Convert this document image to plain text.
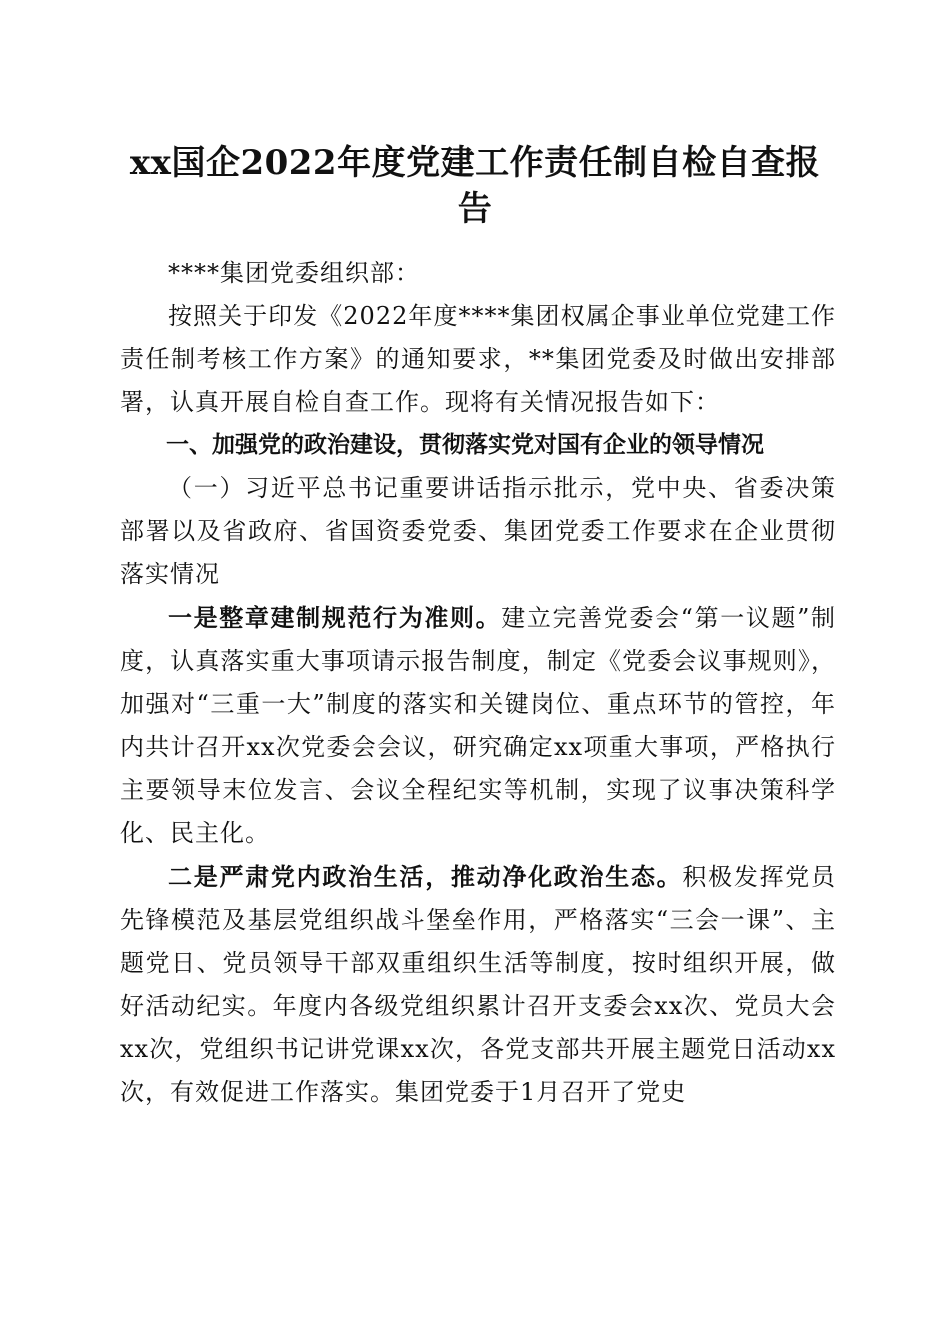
xx国企2022年度党建工作责任制自检自查报告

****集团党委组织部：

按照关于印发《2022年度****集团权属企事业单位党建工作责任制考核工作方案》的通知要求，**集团党委及时做出安排部署，认真开展自检自查工作。现将有关情况报告如下：

一、加强党的政治建设，贯彻落实党对国有企业的领导情况

（一）习近平总书记重要讲话指示批示，党中央、省委决策部署以及省政府、省国资委党委、集团党委工作要求在企业贯彻落实情况

一是整章建制规范行为准则。建立完善党委会“第一议题”制度，认真落实重大事项请示报告制度，制定《党委会议事规则》，加强对“三重一大”制度的落实和关键岗位、重点环节的管控，年内共计召开xx次党委会会议，研究确定xx项重大事项，严格执行主要领导末位发言、会议全程纪实等机制，实现了议事决策科学化、民主化。

二是严肃党内政治生活，推动净化政治生态。积极发挥党员先锋模范及基层党组织战斗堡垒作用，严格落实“三会一课”、主题党日、党员领导干部双重组织生活等制度，按时组织开展，做好活动纪实。年度内各级党组织累计召开支委会xx次、党员大会xx次，党组织书记讲党课xx次，各党支部共开展主题党日活动xx次，有效促进工作落实。集团党委于1月召开了党史
